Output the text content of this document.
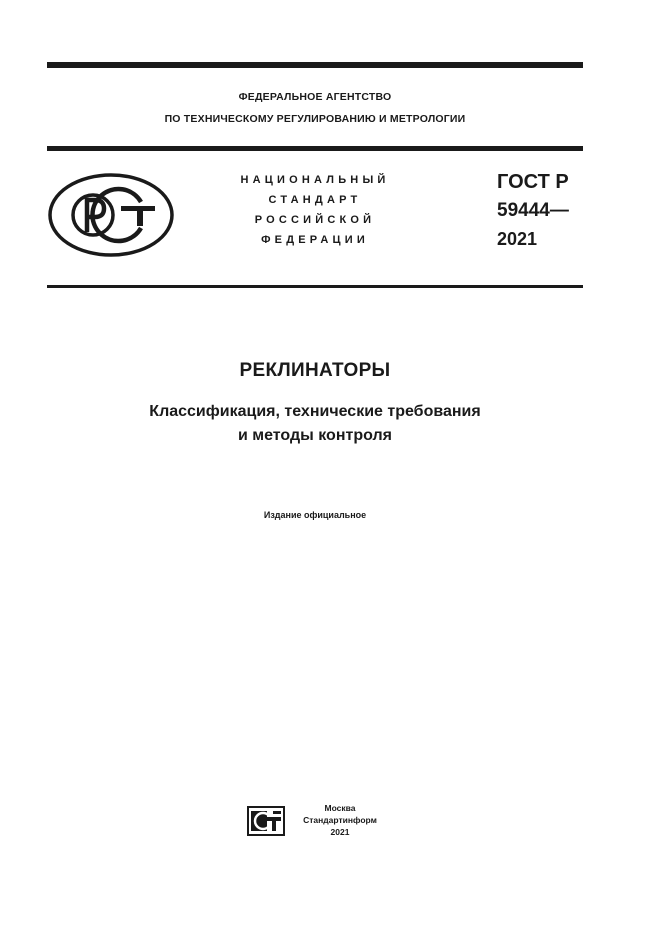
ФЕДЕРАЛЬНОЕ АГЕНТСТВО
ПО ТЕХНИЧЕСКОМУ РЕГУЛИРОВАНИЮ И МЕТРОЛОГИИ
НАЦИОНАЛЬНЫЙ
СТАНДАРТ
РОССИЙСКОЙ
ФЕДЕРАЦИИ
ГОСТ Р
59444—
2021
РЕКЛИНАТОРЫ
Классификация, технические требования
и методы контроля
Издание официальное
Москва
Стандартинформ
2021
